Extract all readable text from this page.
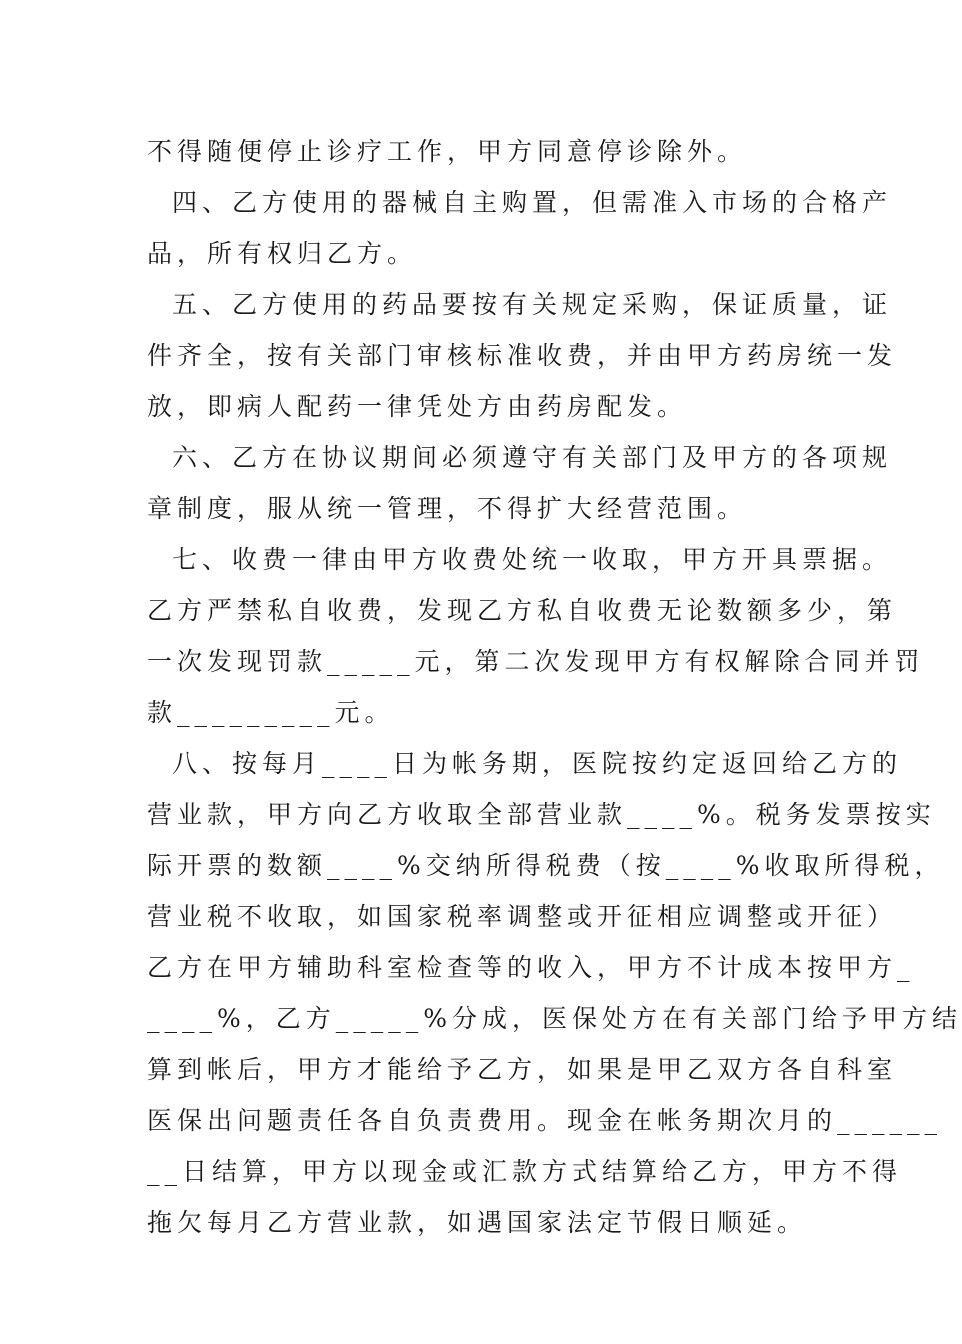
不得随便停止诊疗工作，甲方同意停诊除外。
四、乙方使用的器械自主购置，但需准入市场的合格产
品，所有权归乙方。
五、乙方使用的药品要按有关规定采购，保证质量，证
件齐全，按有关部门审核标准收费，并由甲方药房统一发
放，即病人配药一律凭处方由药房配发。
六、乙方在协议期间必须遵守有关部门及甲方的各项规
章制度，服从统一管理，不得扩大经营范围。
七、收费一律由甲方收费处统一收取，甲方开具票据。
乙方严禁私自收费，发现乙方私自收费无论数额多少，第
一次发现罚款_____元，第二次发现甲方有权解除合同并罚
款_________元。
八、按每月____日为帐务期，医院按约定返回给乙方的
营业款，甲方向乙方收取全部营业款____%。税务发票按实
际开票的数额____%交纳所得税费（按____%收取所得税，
营业税不收取，如国家税率调整或开征相应调整或开征）
乙方在甲方辅助科室检查等的收入，甲方不计成本按甲方_
____%，乙方_____%分成，医保处方在有关部门给予甲方结
算到帐后，甲方才能给予乙方，如果是甲乙双方各自科室
医保出问题责任各自负责费用。现金在帐务期次月的______
__日结算，甲方以现金或汇款方式结算给乙方，甲方不得
拖欠每月乙方营业款，如遇国家法定节假日顺延。
